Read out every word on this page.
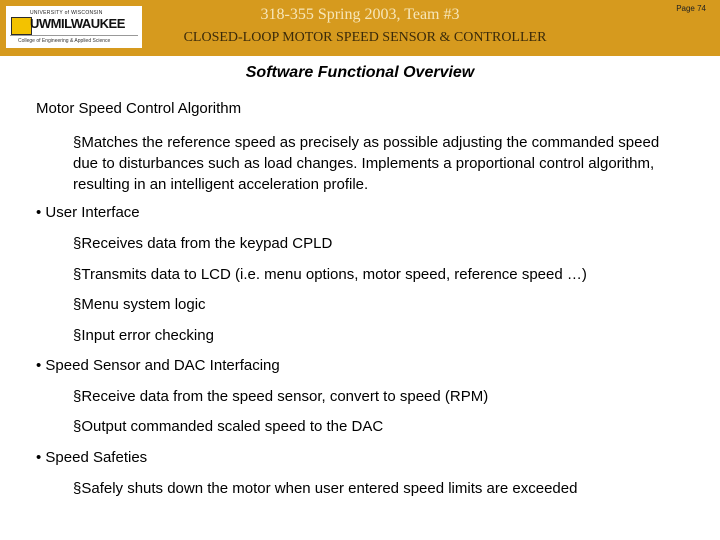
UNIVERSITY of WISCONSIN
UWMILWAUKEE
College of Engineering & Applied Science
318-355 Spring 2003, Team #3
CLOSED-LOOP MOTOR SPEED SENSOR & CONTROLLER
Page 74
Software Functional Overview
Motor Speed Control Algorithm
§Matches the reference speed as precisely as possible adjusting the commanded speed due to disturbances such as load changes. Implements a proportional control algorithm, resulting in an intelligent acceleration profile.
• User Interface
§Receives data from the keypad CPLD
§Transmits data to LCD (i.e. menu options, motor speed, reference speed …)
§Menu system logic
§Input error checking
• Speed Sensor and DAC Interfacing
§Receive data from the speed sensor, convert to speed (RPM)
§Output commanded scaled speed to the DAC
• Speed Safeties
§Safely shuts down the motor when user entered speed limits are exceeded
